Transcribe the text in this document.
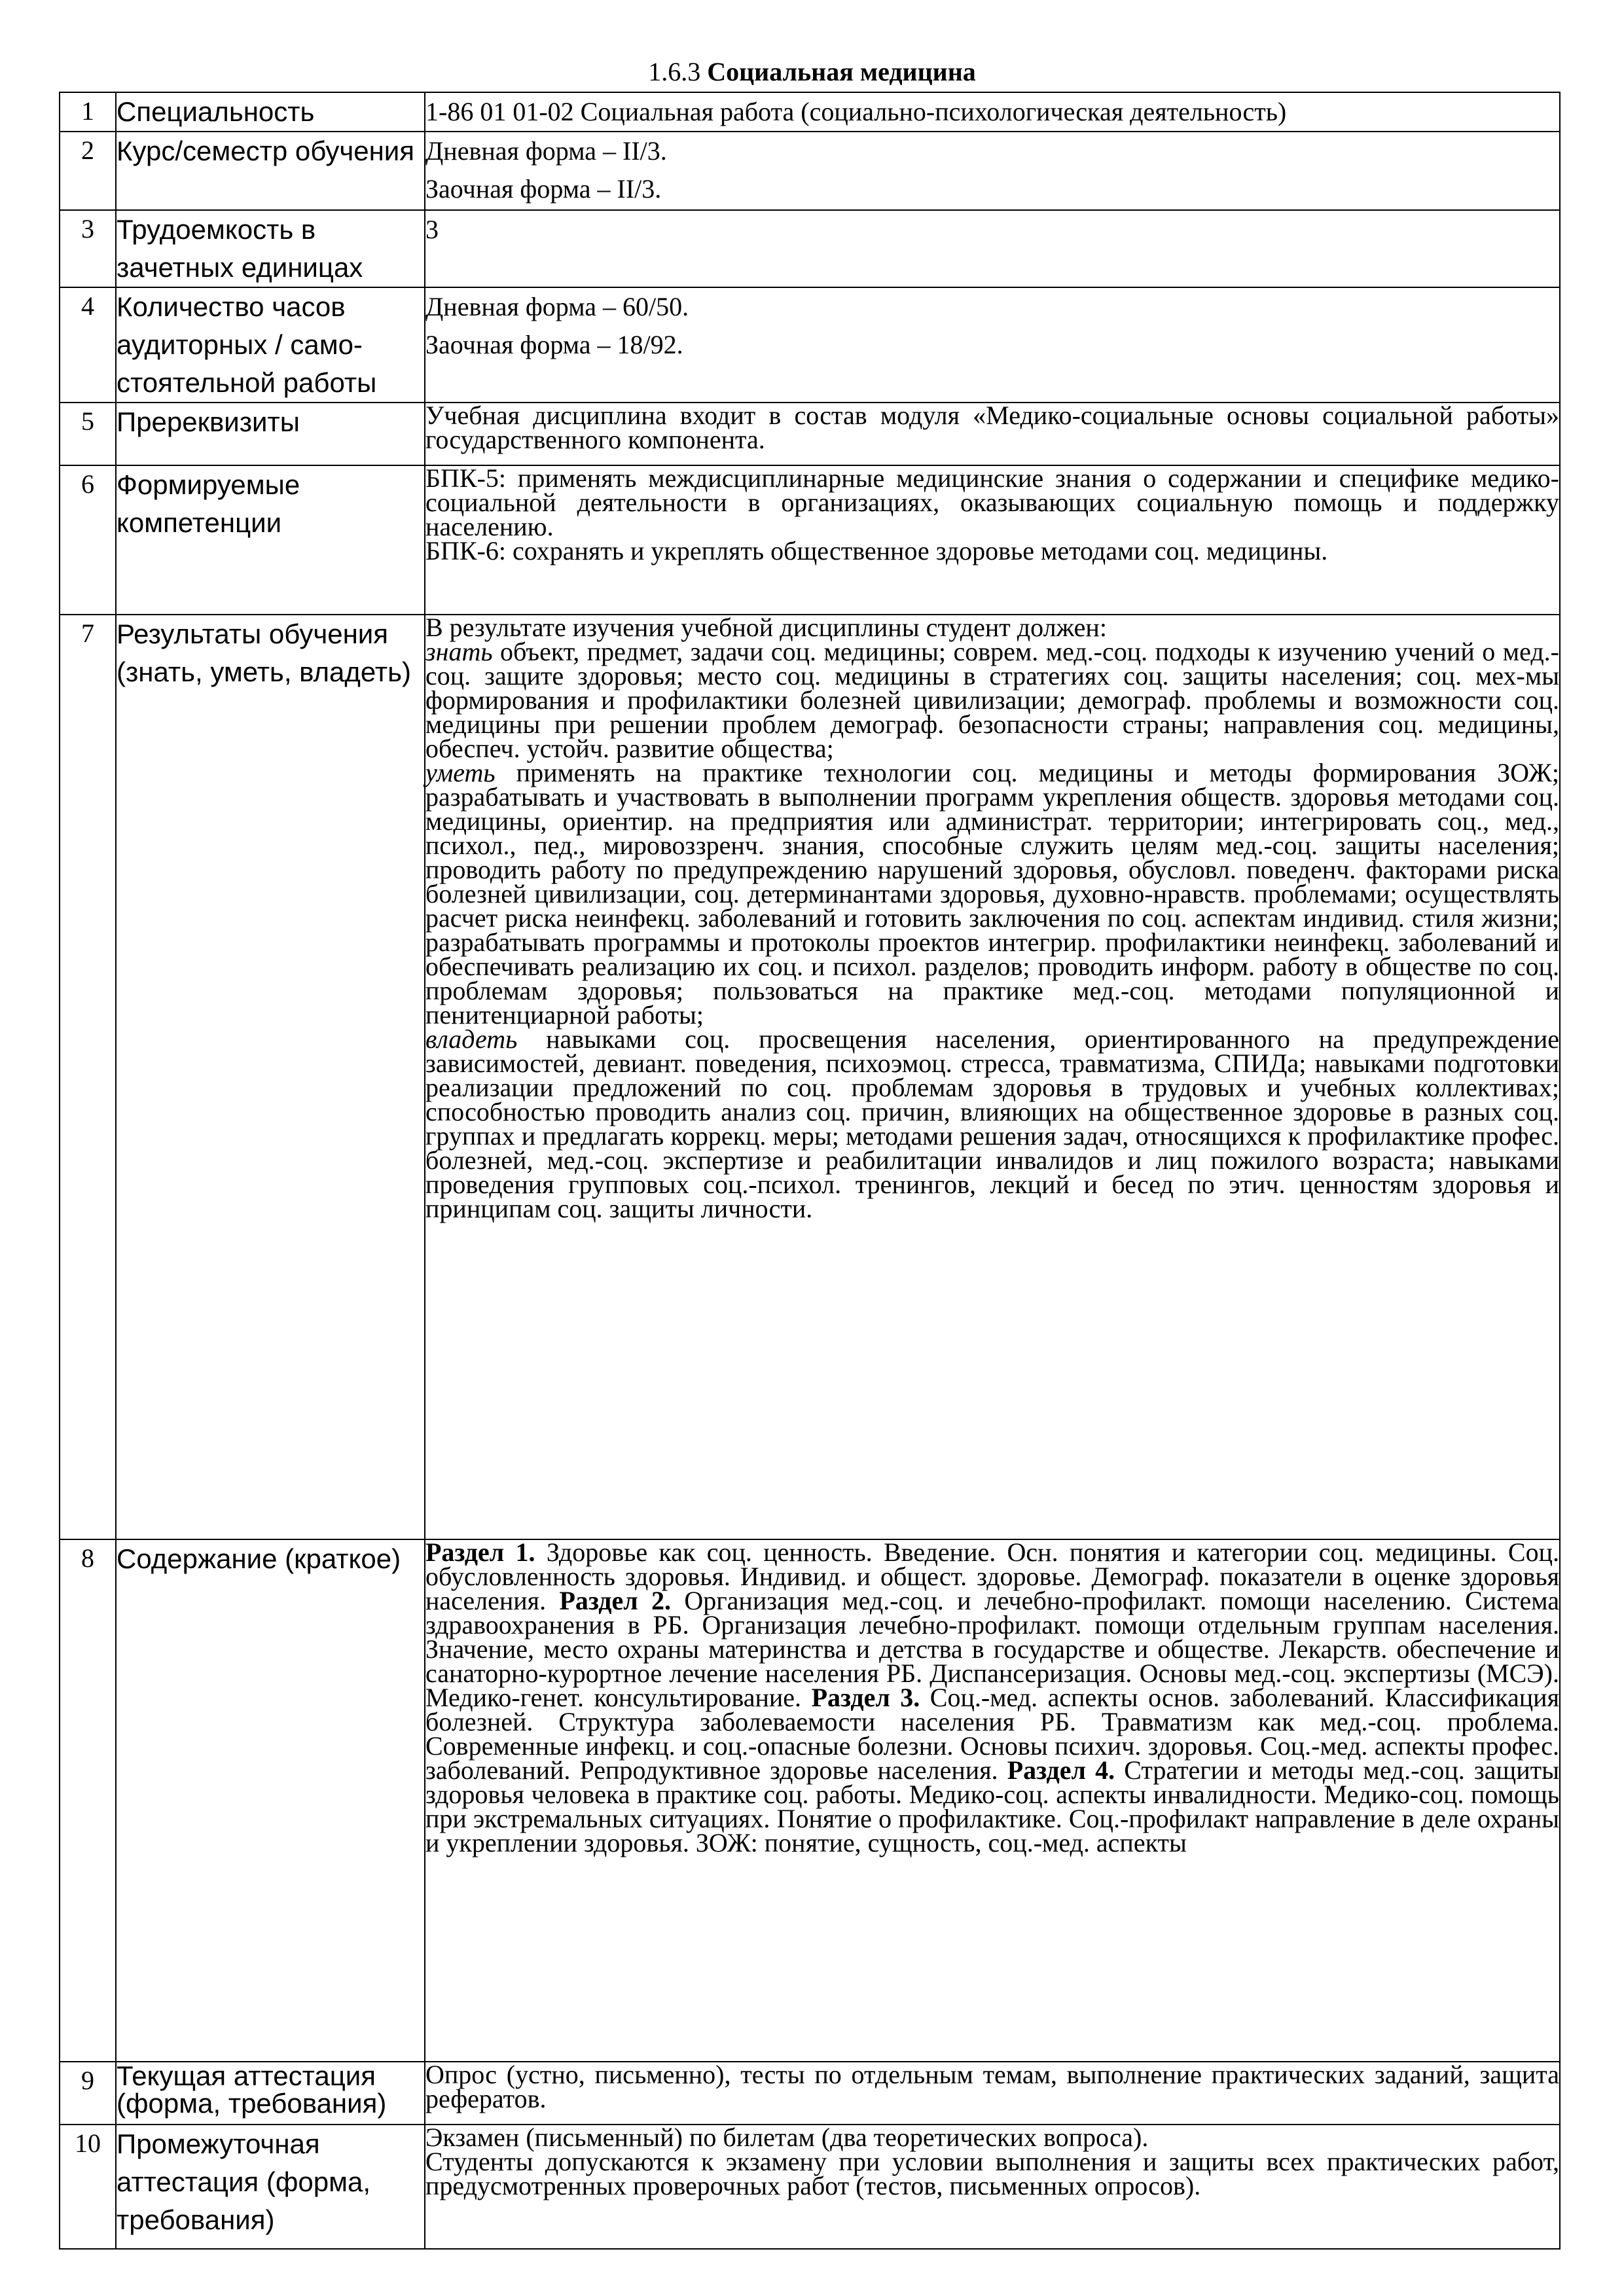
1.6.3 Социальная медицина
1	Специальность	1-86 01 01-02 Социальная работа (социально-психологическая деятельность)
2	Курс/семестр обучения	Дневная форма – II/3.
Заочная форма – II/3.

3	Трудоемкость в зачетных единицах	3
4	Количество часов аудиторных / само-стоятельной работы	Дневная форма – 60/50.
Заочная форма – 18/92.

5	Пререквизиты	Учебная дисциплина входит в состав модуля «Медико-социальные основы социальной работы» государственного компонента.
6	Формируемые компетенции	БПК-5: применять междисциплинарные медицинские знания о содержании и специфике медико-социальной деятельности в организациях, оказывающих социальную помощь и поддержку населению.
БПК-6: сохранять и укреплять общественное здоровье методами соц. медицины.

7	Результаты обучения (знать, уметь, владеть)	В результате изучения учебной дисциплины студент должен:
знать объект, предмет, задачи соц. медицины; соврем. мед.-соц. подходы к изучению учений о мед.-соц. защите здоровья; место соц. медицины в стратегиях соц. защиты населения; соц. мех-мы формирования и профилактики болезней цивилизации; демограф. проблемы и возможности соц. медицины при решении проблем демограф. безопасности страны; направления соц. медицины, обеспеч. устойч. развитие общества;
уметь применять на практике технологии соц. медицины и методы формирования ЗОЖ; разрабатывать и участвовать в выполнении программ укрепления обществ. здоровья методами соц. медицины, ориентир. на предприятия или администрат. территории; интегрировать соц., мед., психол., пед., мировоззренч. знания, способные служить целям мед.-соц. защиты населения; проводить работу по предупреждению нарушений здоровья, обусловл. поведенч. факторами риска болезней цивилизации, соц. детерминантами здоровья, духовно-нравств. проблемами; осуществлять расчет риска неинфекц. заболеваний и готовить заключения по соц. аспектам индивид. стиля жизни; разрабатывать программы и протоколы проектов интегрир. профилактики неинфекц. заболеваний и обеспечивать реализацию их соц. и психол. разделов; проводить информ. работу в обществе по соц. проблемам здоровья; пользоваться на практике мед.-соц. методами популяционной и пенитенциарной работы;
владеть навыками соц. просвещения населения, ориентированного на предупреждение зависимостей, девиант. поведения, психоэмоц. стресса, травматизма, СПИДа; навыками подготовки реализации предложений по соц. проблемам здоровья в трудовых и учебных коллективах; способностью проводить анализ соц. причин, влияющих на общественное здоровье в разных соц. группах и предлагать коррекц. меры; методами решения задач, относящихся к профилактике профес. болезней, мед.-соц. экспертизе и реабилитации инвалидов и лиц пожилого возраста; навыками проведения групповых соц.-психол. тренингов, лекций и бесед по этич. ценностям здоровья и принципам соц. защиты личности.

8	Содержание (краткое)	Раздел 1. Здоровье как соц. ценность. Введение. Осн. понятия и категории соц. медицины. Соц. обусловленность здоровья. Индивид. и общест. здоровье. Демограф. показатели в оценке здоровья населения. Раздел 2. Организация мед.-соц. и лечебно-профилакт. помощи населению. Система здравоохранения в РБ. Организация лечебно-профилакт. помощи отдельным группам населения. Значение, место охраны материнства и детства в государстве и обществе. Лекарств. обеспечение и санаторно-курортное лечение населения РБ. Диспансеризация. Основы мед.-соц. экспертизы (МСЭ). Медико-генет. консультирование. Раздел 3. Соц.-мед. аспекты основ. заболеваний. Классификация болезней. Структура заболеваемости населения РБ. Травматизм как мед.-соц. проблема. Современные инфекц. и соц.-опасные болезни. Основы психич. здоровья. Соц.-мед. аспекты профес. заболеваний. Репродуктивное здоровье населения. Раздел 4. Стратегии и методы мед.-соц. защиты здоровья человека в практике соц. работы. Медико-соц. аспекты инвалидности. Медико-соц. помощь при экстремальных ситуациях. Понятие о профилактике. Соц.-профилакт направление в деле охраны и укреплении здоровья. ЗОЖ: понятие, сущность, соц.-мед. аспекты
9	Текущая аттестация (форма, требования)	Опрос (устно, письменно), тесты по отдельным темам, выполнение практических заданий, защита рефератов.
10	Промежуточная аттестация (форма, требования)	Экзамен (письменный) по билетам (два теоретических вопроса).
Студенты допускаются к экзамену при условии выполнения и защиты всех практических работ, предусмотренных проверочных работ (тестов, письменных опросов).
